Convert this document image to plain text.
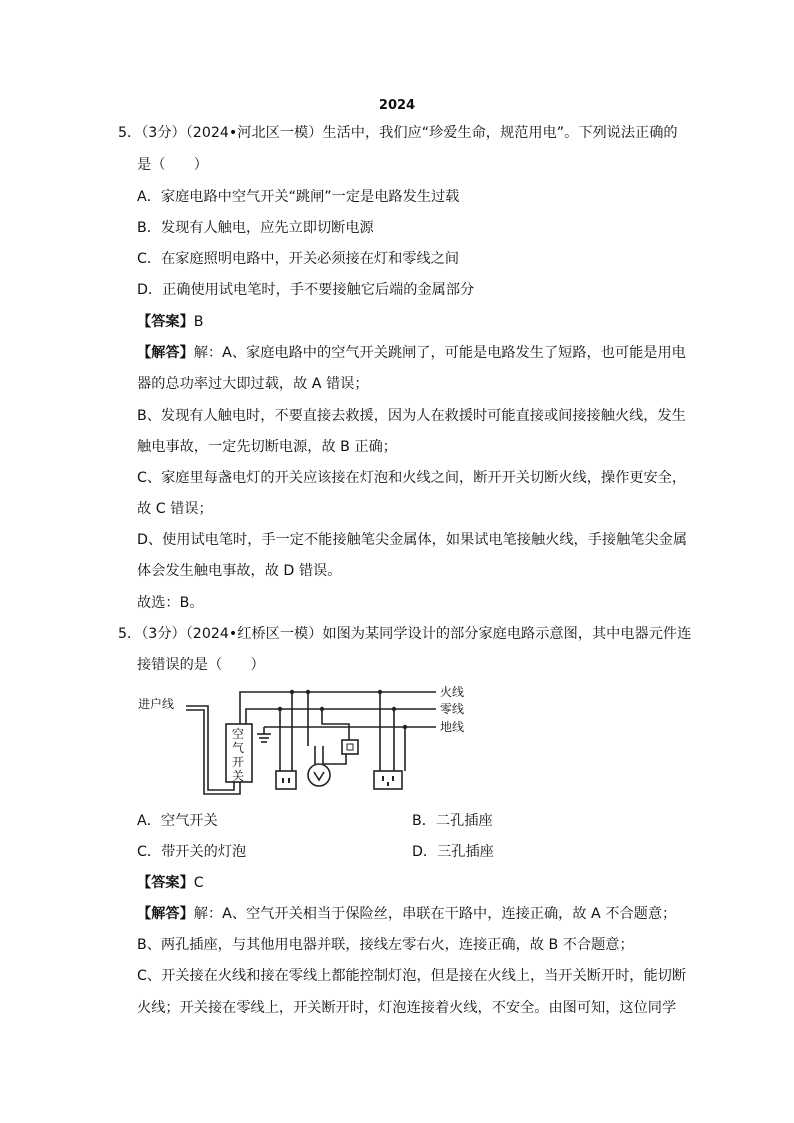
2024
5．（3分）（2024•河北区一模）生活中，我们应“珍爱生命，规范用电”。下列说法正确的
是（　　）
A．家庭电路中空气开关“跳闸”一定是电路发生过载
B．发现有人触电，应先立即切断电源
C．在家庭照明电路中，开关必须接在灯和零线之间
D．正确使用试电笔时，手不要接触它后端的金属部分
【答案】B
【解答】解：A、家庭电路中的空气开关跳闸了，可能是电路发生了短路，也可能是用电
器的总功率过大即过载，故 A 错误；
B、发现有人触电时，不要直接去救援，因为人在救援时可能直接或间接接触火线，发生
触电事故，一定先切断电源，故 B 正确；
C、家庭里每盏电灯的开关应该接在灯泡和火线之间，断开开关切断火线，操作更安全，
故 C 错误；
D、使用试电笔时，手一定不能接触笔尖金属体，如果试电笔接触火线，手接触笔尖金属
体会发生触电事故，故 D 错误。
故选：B。
5．（3分）（2024•红桥区一模）如图为某同学设计的部分家庭电路示意图，其中电器元件连
接错误的是（　　）
进户线
火线
零线
地线
空
气
开
关
A．空气开关	B．二孔插座
C．带开关的灯泡	D．三孔插座
【答案】C
【解答】解：A、空气开关相当于保险丝，串联在干路中，连接正确，故 A 不合题意；
B、两孔插座，与其他用电器并联，接线左零右火，连接正确，故 B 不合题意；
C、开关接在火线和接在零线上都能控制灯泡，但是接在火线上，当开关断开时，能切断
火线；开关接在零线上，开关断开时，灯泡连接着火线，不安全。由图可知，这位同学
